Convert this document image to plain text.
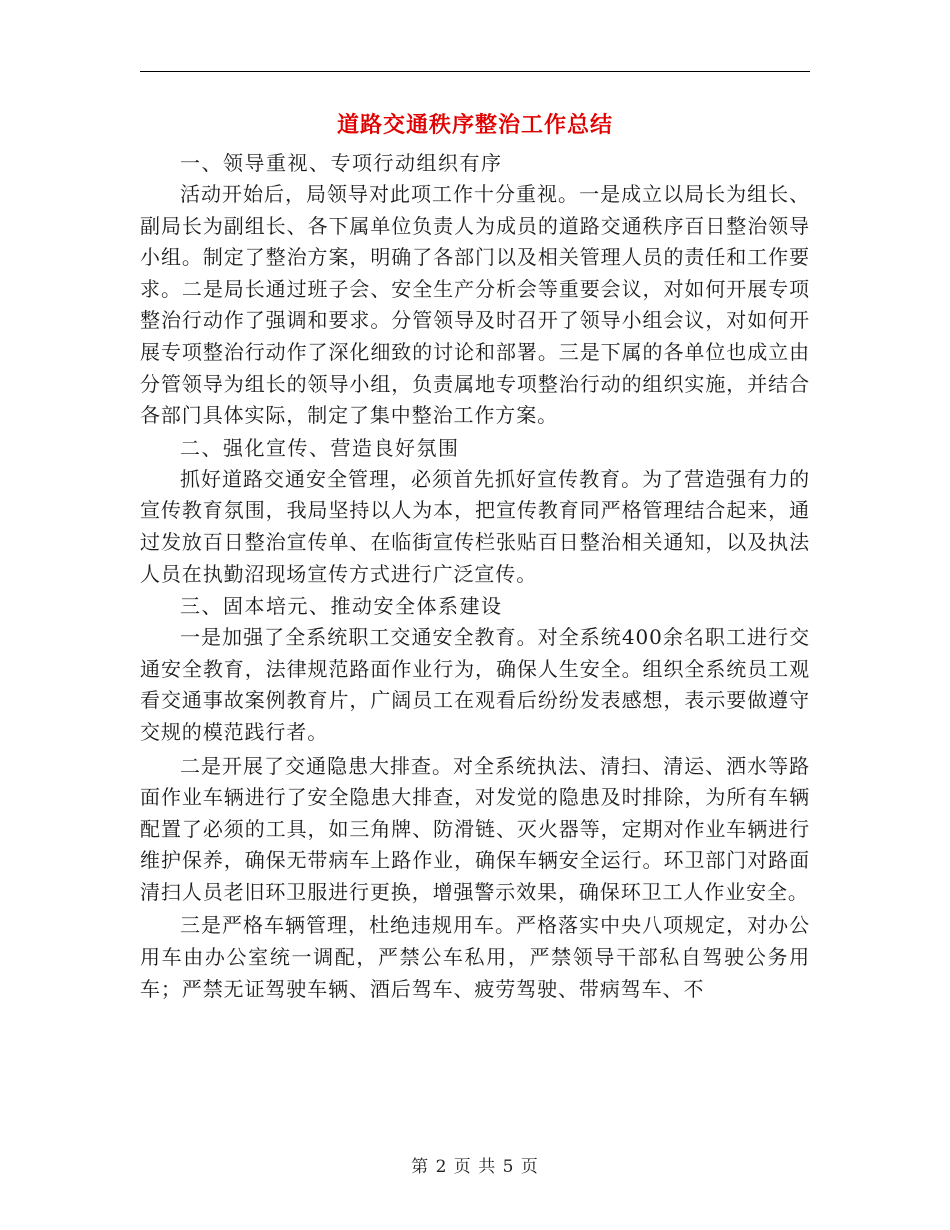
道路交通秩序整治工作总结

一、领导重视、专项行动组织有序

活动开始后，局领导对此项工作十分重视。一是成立以局长为组长、副局长为副组长、各下属单位负责人为成员的道路交通秩序百日整治领导小组。制定了整治方案，明确了各部门以及相关管理人员的责任和工作要求。二是局长通过班子会、安全生产分析会等重要会议，对如何开展专项整治行动作了强调和要求。分管领导及时召开了领导小组会议，对如何开展专项整治行动作了深化细致的讨论和部署。三是下属的各单位也成立由分管领导为组长的领导小组，负责属地专项整治行动的组织实施，并结合各部门具体实际，制定了集中整治工作方案。

二、强化宣传、营造良好氛围

抓好道路交通安全管理，必须首先抓好宣传教育。为了营造强有力的宣传教育氛围，我局坚持以人为本，把宣传教育同严格管理结合起来，通过发放百日整治宣传单、在临街宣传栏张贴百日整治相关通知，以及执法人员在执勤沼现场宣传方式进行广泛宣传。

三、固本培元、推动安全体系建设

一是加强了全系统职工交通安全教育。对全系统400余名职工进行交通安全教育，法律规范路面作业行为，确保人生安全。组织全系统员工观看交通事故案例教育片，广阔员工在观看后纷纷发表感想，表示要做遵守交规的模范践行者。

二是开展了交通隐患大排查。对全系统执法、清扫、清运、洒水等路面作业车辆进行了安全隐患大排查，对发觉的隐患及时排除，为所有车辆配置了必须的工具，如三角牌、防滑链、灭火器等，定期对作业车辆进行维护保养，确保无带病车上路作业，确保车辆安全运行。环卫部门对路面清扫人员老旧环卫服进行更换，增强警示效果，确保环卫工人作业安全。

三是严格车辆管理，杜绝违规用车。严格落实中央八项规定，对办公用车由办公室统一调配，严禁公车私用，严禁领导干部私自驾驶公务用车；严禁无证驾驶车辆、酒后驾车、疲劳驾驶、带病驾车、不

第 2 页 共 5 页
